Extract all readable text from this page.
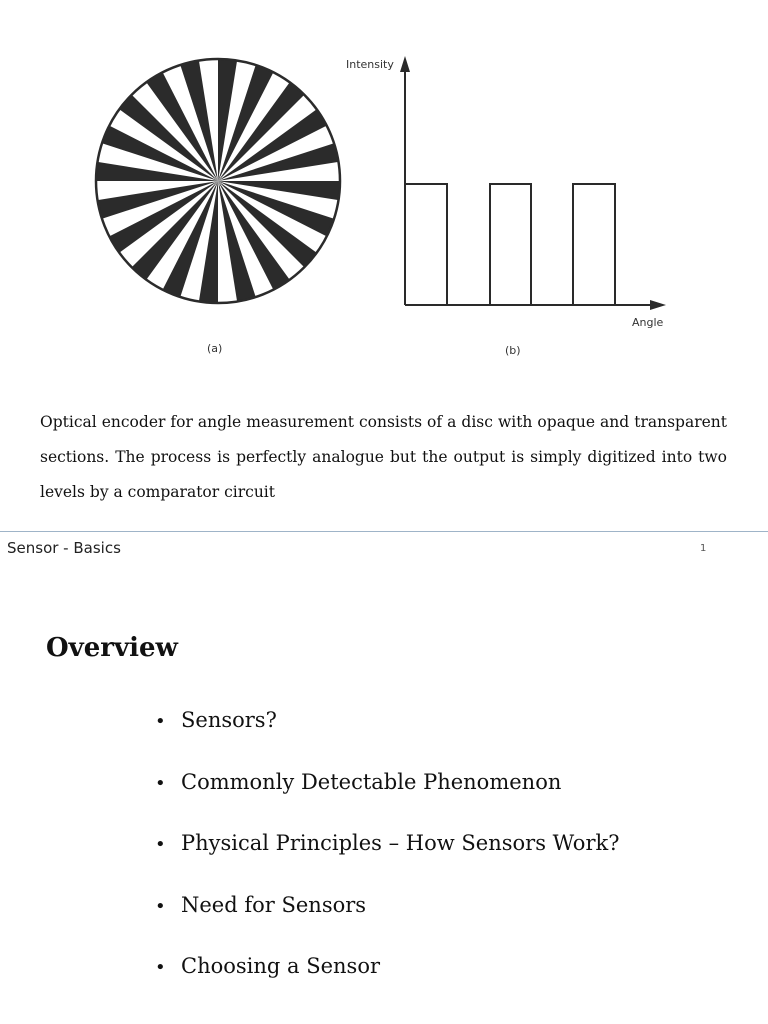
Intensity
Angle
(a)	(b)

Optical encoder for angle measurement consists of a disc with opaque and transparent sections. The process is perfectly analogue but the output is simply digitized into two levels by a comparator circuit

Sensor - Basics	1
Overview
• Sensors?
• Commonly Detectable Phenomenon
• Physical Principles – How Sensors Work?
• Need for Sensors
• Choosing a Sensor
